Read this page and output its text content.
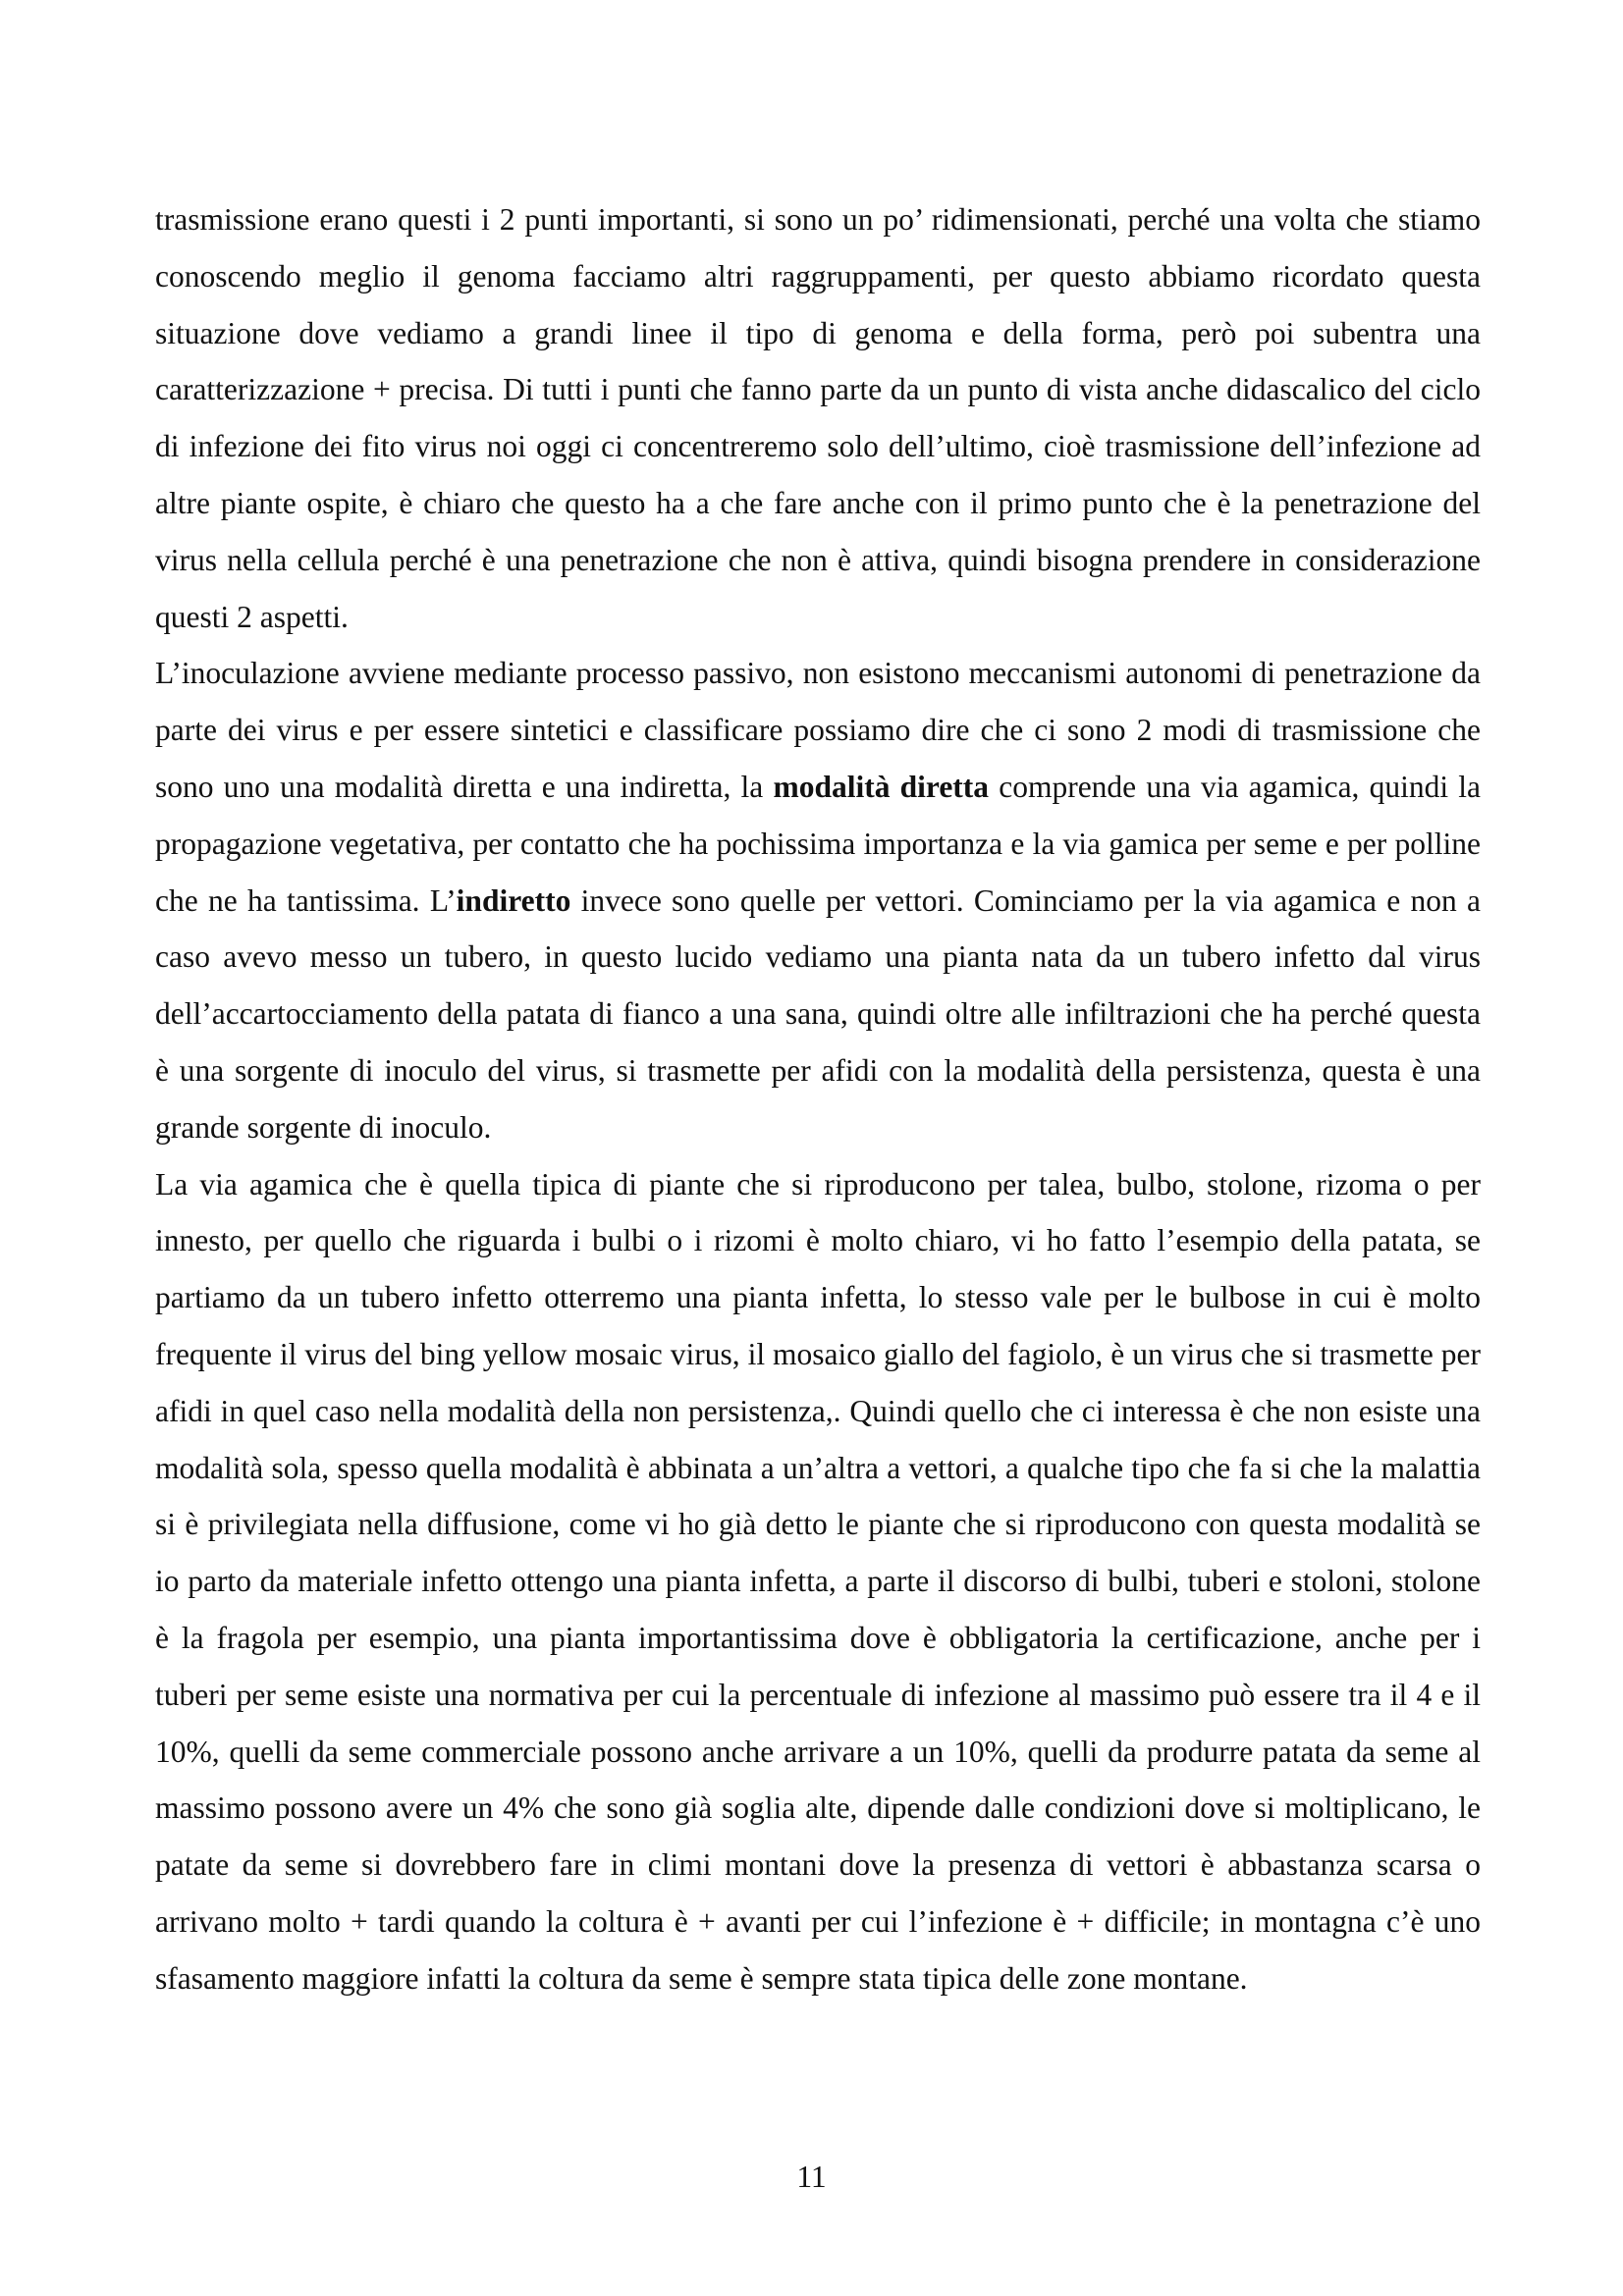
trasmissione erano questi i 2 punti importanti, si sono un po’ ridimensionati, perché una volta che stiamo conoscendo meglio il genoma facciamo altri raggruppamenti, per questo abbiamo ricordato questa situazione dove vediamo a grandi linee il tipo di genoma e della forma, però poi subentra una caratterizzazione + precisa. Di tutti i punti che fanno parte da un punto di vista anche didascalico del ciclo di infezione dei fito virus noi oggi ci concentreremo solo dell’ultimo, cioè trasmissione dell’infezione ad altre piante ospite, è chiaro che questo ha a che fare anche con il primo punto che è la penetrazione del virus nella cellula perché è una penetrazione che non è attiva, quindi bisogna prendere in considerazione questi 2 aspetti.

L’inoculazione avviene mediante processo passivo, non esistono meccanismi autonomi di penetrazione da parte dei virus e per essere sintetici e classificare possiamo dire che ci sono 2 modi di trasmissione che sono uno una modalità diretta e una indiretta, la modalità diretta comprende una via agamica, quindi la propagazione vegetativa, per contatto che ha pochissima importanza e la via gamica per seme e per polline che ne ha tantissima. L’indiretto invece sono quelle per vettori. Cominciamo per la via agamica e non a caso avevo messo un tubero, in questo lucido vediamo una pianta nata da un tubero infetto dal virus dell’accartocciamento della patata di fianco a una sana, quindi oltre alle infiltrazioni che ha perché questa è una sorgente di inoculo del virus, si trasmette per afidi con la modalità della persistenza, questa è una grande sorgente di inoculo.

La via agamica che è quella tipica di piante che si riproducono per talea, bulbo, stolone, rizoma o per innesto, per quello che riguarda i bulbi o i rizomi è molto chiaro, vi ho fatto l’esempio della patata, se partiamo da un tubero infetto otterremo una pianta infetta, lo stesso vale per le bulbose in cui è molto frequente il virus del bing yellow mosaic virus, il mosaico giallo del fagiolo, è un virus che si trasmette per afidi in quel caso nella modalità della non persistenza,. Quindi quello che ci interessa è che non esiste una modalità sola, spesso quella modalità è abbinata a un’altra a vettori, a qualche tipo che fa si che la malattia si è privilegiata nella diffusione, come vi ho già detto le piante che si riproducono con questa modalità se io parto da materiale infetto ottengo una pianta infetta, a parte il discorso di bulbi, tuberi e stoloni, stolone è la fragola per esempio, una pianta importantissima dove è obbligatoria la certificazione, anche per i tuberi per seme esiste una normativa per cui la percentuale di infezione al massimo può essere tra il 4 e il 10%, quelli da seme commerciale possono anche arrivare a un 10%, quelli da produrre patata da seme al massimo possono avere un 4% che sono già soglia alte, dipende dalle condizioni dove si moltiplicano, le patate da seme si dovrebbero fare in climi montani dove la presenza di vettori è abbastanza scarsa o arrivano molto + tardi quando la coltura è + avanti per cui l’infezione è + difficile; in montagna c’è uno sfasamento maggiore infatti la coltura da seme è sempre stata tipica delle zone montane.

11
